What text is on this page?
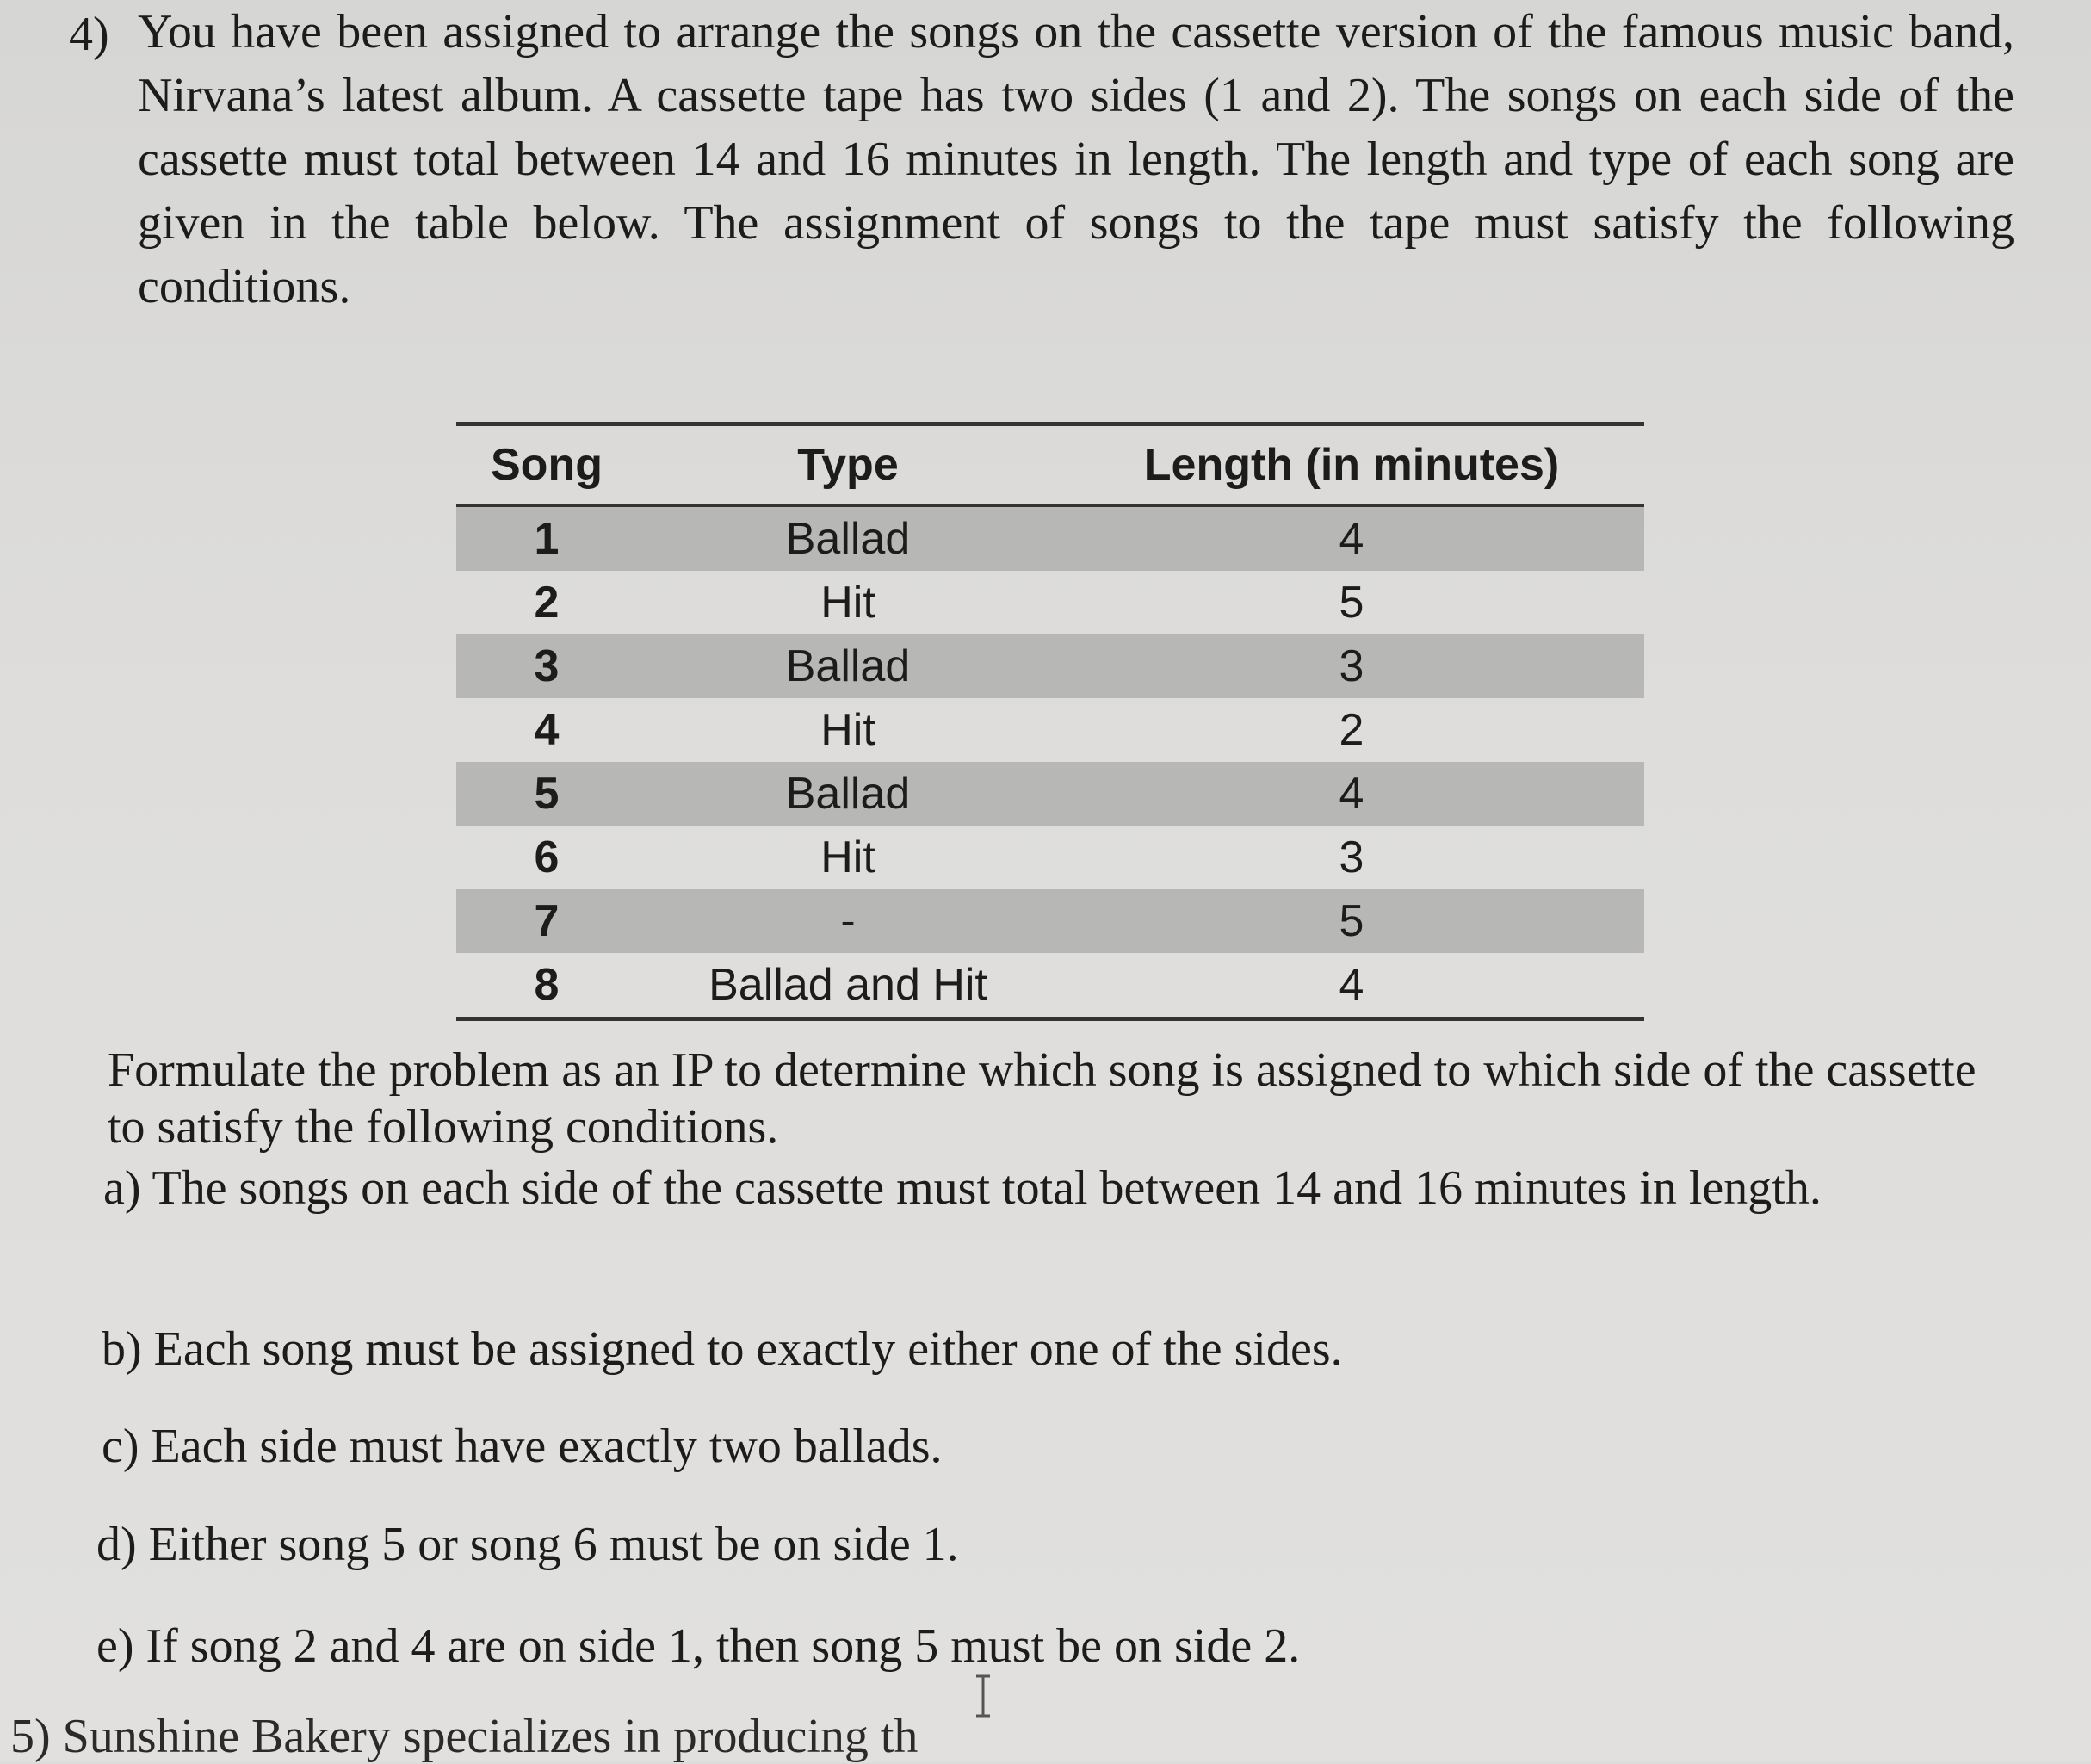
4) You have been assigned to arrange the songs on the cassette version of the famous music band, Nirvana’s latest album. A cassette tape has two sides (1 and 2). The songs on each side of the cassette must total between 14 and 16 minutes in length. The length and type of each song are given in the table below. The assignment of songs to the tape must satisfy the following conditions.

Song	Type	Length (in minutes)
1	Ballad	4
2	Hit	5
3	Ballad	3
4	Hit	2
5	Ballad	4
6	Hit	3
7	-	5
8	Ballad and Hit	4

Formulate the problem as an IP to determine which song is assigned to which side of the cassette to satisfy the following conditions.

a) The songs on each side of the cassette must total between 14 and 16 minutes in length.

b) Each song must be assigned to exactly either one of the sides.

c) Each side must have exactly two ballads.

d) Either song 5 or song 6 must be on side 1.

e) If song 2 and 4 are on side 1, then song 5 must be on side 2.

5) Sunshine Bakery specializes in producing th
